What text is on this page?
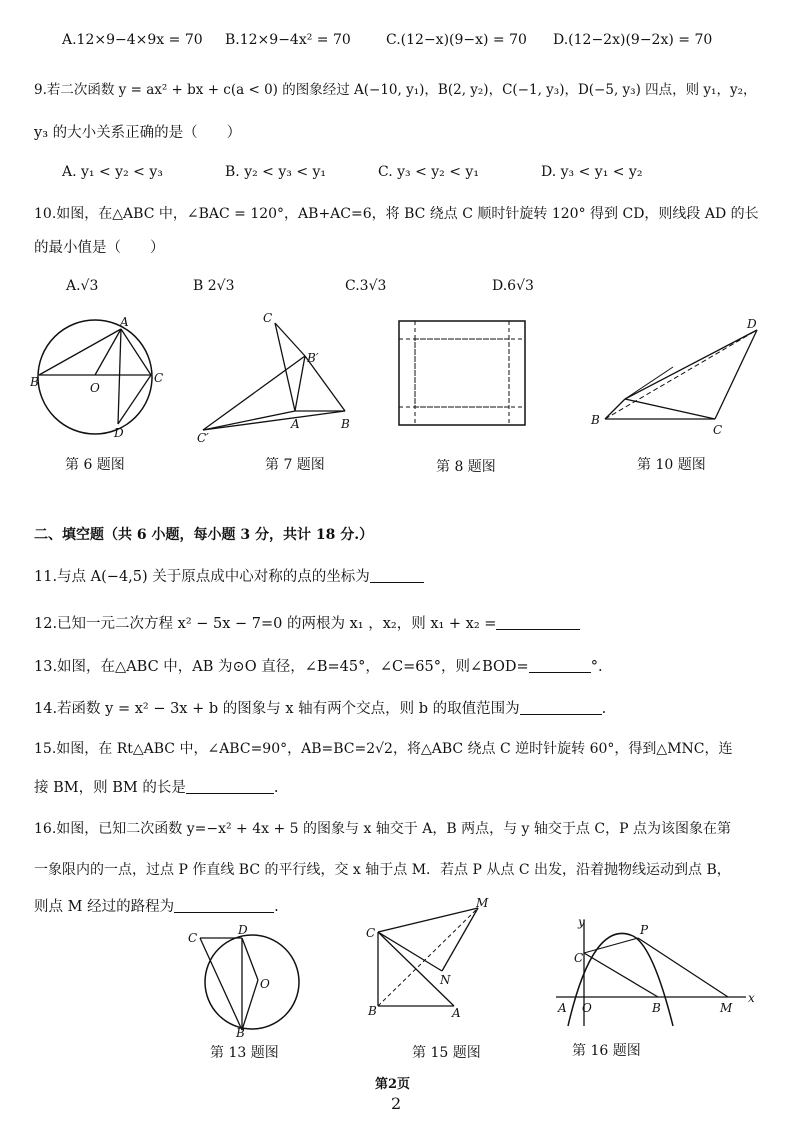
A.12×9−4×9x = 70 B.12×9−4x² = 70	C.(12−x)(9−x) = 70 D.(12−2x)(9−2x) = 70
9.若二次函数 y = ax² + bx + c(a < 0) 的图象经过 A(−10, y₁)，B(2, y₂)，C(−1, y₃)，D(−5, y₃) 四点，则 y₁，y₂，
y₃ 的大小关系正确的是（　　）
A. y₁ < y₂ < y₃	B. y₂ < y₃ < y₁	C. y₃ < y₂ < y₁	D. y₃ < y₁ < y₂
10.如图，在△ABC 中，∠BAC = 120°，AB+AC=6，将 BC 绕点 C 顺时针旋转 120° 得到 CD，则线段 AD 的长
的最小值是（　　）
A.√3	B 2√3	C.3√3	D.6√3
A
B	O
C
D
C
B′
A	B
C′
B
C
D
第 6 题图	第 7 题图	第 8 题图	第 10 题图
二、填空题（共 6 小题，每小题 3 分，共计 18 分.）
11.与点 A(−4,5) 关于原点成中心对称的点的坐标为
12.已知一元二次方程 x² − 5x − 7=0 的两根为 x₁ ，x₂，则 x₁ + x₂ =
13.如图，在△ABC 中，AB 为⊙O 直径，∠B=45°，∠C=65°，则∠BOD=	°.
14.若函数 y = x² − 3x + b 的图象与 x 轴有两个交点，则 b 的取值范围为	.
15.如图，在 Rt△ABC 中，∠ABC=90°，AB=BC=2√2，将△ABC 绕点 C 逆时针旋转 60°，得到△MNC，连
接 BM，则 BM 的长是	.
16.如图，已知二次函数 y=−x² + 4x + 5 的图象与 x 轴交于 A，B 两点，与 y 轴交于点 C，P 点为该图象在第
一象限内的一点，过点 P 作直线 BC 的平行线，交 x 轴于点 M．若点 P 从点 C 出发，沿着抛物线运动到点 B，
则点 M 经过的路程为	.
C
D
O
B
C
M
N
B	A
y
x
A O
C
B
P
M
第 13 题图	第 15 题图	第 16 题图
第2页
2
